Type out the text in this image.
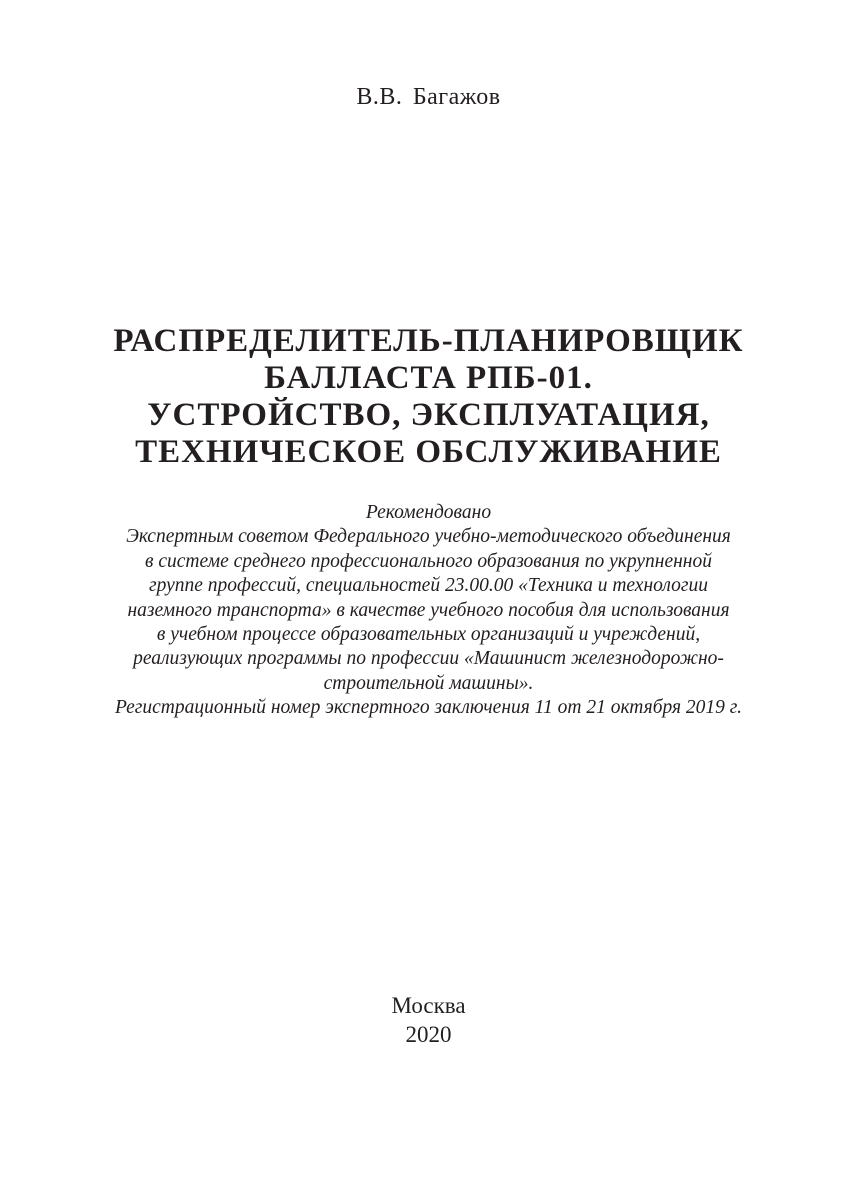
В.В. Багажов
РАСПРЕДЕЛИТЕЛЬ-ПЛАНИРОВЩИК
БАЛЛАСТА РПБ-01.
УСТРОЙСТВО, ЭКСПЛУАТАЦИЯ,
ТЕХНИЧЕСКОЕ ОБСЛУЖИВАНИЕ
Рекомендовано
Экспертным советом Федерального учебно-методического объединения
в системе среднего профессионального образования по укрупненной
группе профессий, специальностей 23.00.00 «Техника и технологии
наземного транспорта» в качестве учебного пособия для использования
в учебном процессе образовательных организаций и учреждений,
реализующих программы по профессии «Машинист железнодорожно-
строительной машины».
Регистрационный номер экспертного заключения 11 от 21 октября 2019 г.
Москва
2020
